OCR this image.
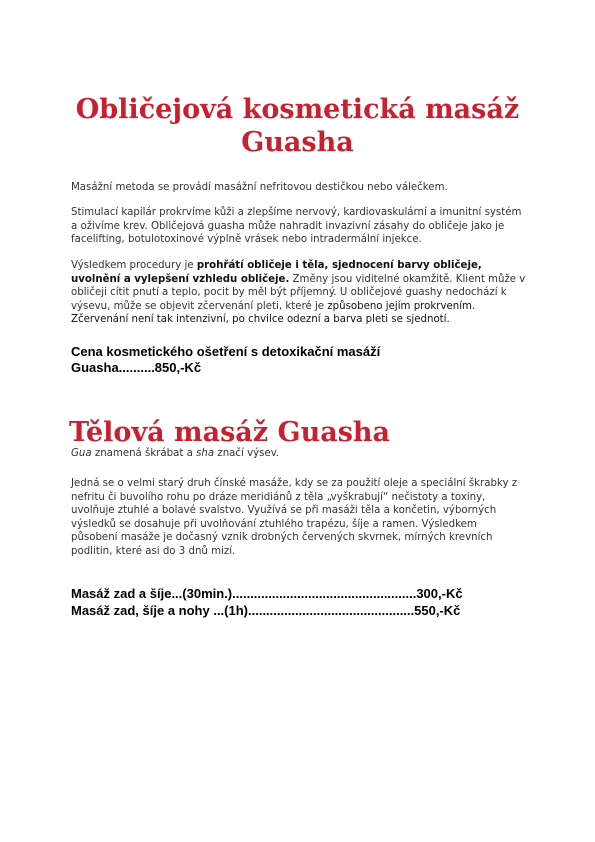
Obličejová kosmetická masáž Guasha

Masážní metoda se provádí masážní nefritovou destičkou nebo válečkem.

Stimulací kapilár prokrvíme kůži a zlepšíme nervový, kardiovaskulární a imunitní systém a oživíme krev. Obličejová guasha může nahradit invazivní zásahy do obličeje jako je facelifting, botulotoxinové výplně vrásek nebo intradermální injekce.

Výsledkem procedury je prohřátí obličeje i těla, sjednocení barvy obličeje, uvolnění a vylepšení vzhledu obličeje. Změny jsou viditelné okamžitě. Klient může v obličeji cítit pnutí a teplo, pocit by měl být příjemný. U obličejové guashy nedochází k výsevu, může se objevit zčervenání pleti, které je způsobeno jejím prokrvením. Zčervenání není tak intenzivní, po chvilce odezní a barva pleti se sjednotí.

Cena kosmetického ošetření s detoxikační masáží

Guasha..........850,-Kč

Tělová masáž Guasha

Gua znamená škrábat a sha značí výsev.

Jedná se o velmi starý druh čínské masáže, kdy se za použití oleje a speciální škrabky z nefritu či buvolího rohu po dráze meridiánů z těla „vyškrabují“ nečistoty a toxiny, uvolňuje ztuhlé a bolavé svalstvo. Využívá se při masáži těla a končetin, výborných výsledků se dosahuje při uvolňování ztuhlého trapézu, šíje a ramen. Výsledkem působení masáže je dočasný vznik drobných červených skvrnek, mírných krevních podlitin, které asi do 3 dnů mizí.

Masáž zad a šíje...(30min.)...................................................300,-Kč

Masáž zad, šíje a nohy ...(1h)..............................................550,-Kč
